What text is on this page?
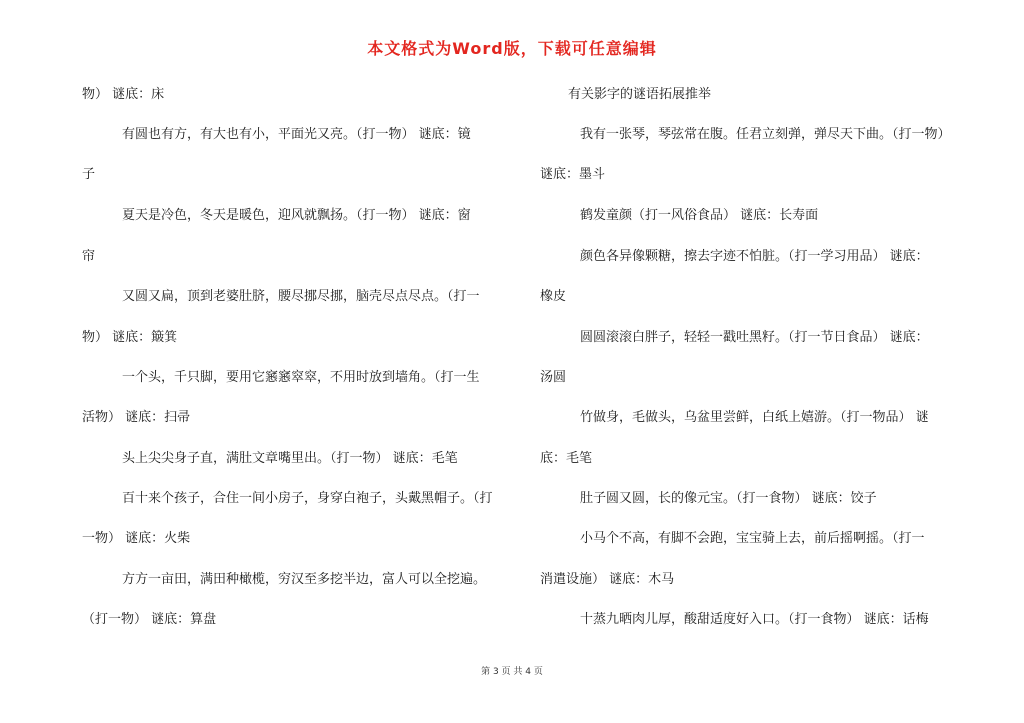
本文格式为Word版，下载可任意编辑
物） 谜底：床
有圆也有方，有大也有小，平面光又亮。（打一物） 谜底：镜
子
夏天是冷色，冬天是暖色，迎风就飘扬。（打一物） 谜底：窗
帘
又圆又扁，顶到老婆肚脐，腰尽挪尽挪，脑壳尽点尽点。（打一
物） 谜底：簸箕
一个头，千只脚，要用它窸窸窣窣，不用时放到墙角。（打一生
活物） 谜底：扫帚
头上尖尖身子直，满肚文章嘴里出。（打一物） 谜底：毛笔
百十来个孩子，合住一间小房子，身穿白袍子，头戴黑帽子。（打
一物） 谜底：火柴
方方一亩田，满田种橄榄，穷汉至多挖半边，富人可以全挖遍。
（打一物） 谜底：算盘
有关影字的谜语拓展推举
我有一张琴，琴弦常在腹。任君立刻弹，弹尽天下曲。（打一物）
谜底：墨斗
鹤发童颜（打一风俗食品） 谜底：长寿面
颜色各异像颗糖，擦去字迹不怕脏。（打一学习用品） 谜底：
橡皮
圆圆滚滚白胖子，轻轻一戳吐黑籽。（打一节日食品） 谜底：
汤圆
竹做身，毛做头，乌盆里尝鲜，白纸上嬉游。（打一物品） 谜
底：毛笔
肚子圆又圆，长的像元宝。（打一食物） 谜底：饺子
小马个不高，有脚不会跑，宝宝骑上去，前后摇啊摇。（打一
消遣设施） 谜底：木马
十蒸九晒肉儿厚，酸甜适度好入口。（打一食物） 谜底：话梅
第 3 页 共 4 页
